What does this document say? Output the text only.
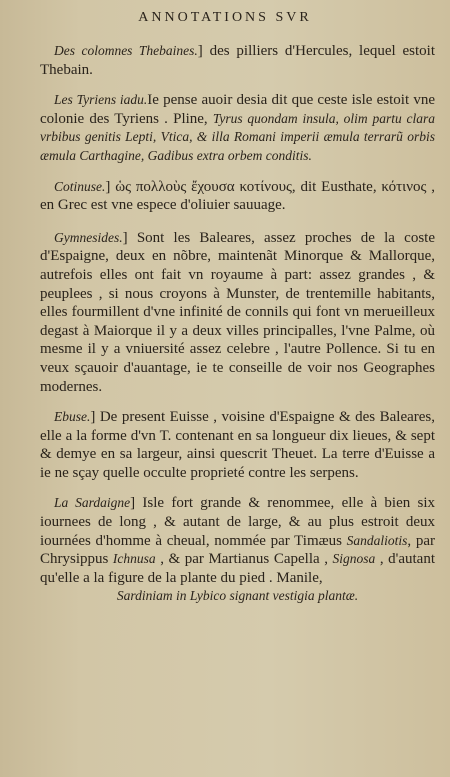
ANNOTATIONS SVR

Des colomnes Thebaines.] des pilliers d'Hercules, lequel estoit Thebain.

Les Tyriens iadu.Ie pense auoir desia dit que ceste isle estoit vne colonie des Tyriens . Pline, Tyrus quondam insula, olim partu clara vrbibus genitis Lepti, Vtica, & illa Romani imperii æmula terrarũ orbis æmula Carthagine, Gadibus extra orbem conditis.

Cotinuse.] ὡς πολλοὺς ἔχουσα κοτίνους, dit Eusthate, κότινος , en Grec est vne espece d'oliuier sauuage.

Gymnesides.] Sont les Baleares, assez proches de la coste d'Espaigne, deux en nõbre, maintenãt Minorque & Mallorque, autrefois elles ont fait vn royaume à part: assez grandes , & peuplees , si nous croyons à Munster, de trentemille habitants, elles fourmillent d'vne infinité de connils qui font vn merueilleux degast à Maiorque il y a deux villes principalles, l'vne Palme, où mesme il y a vniuersité assez celebre , l'autre Pollence. Si tu en veux sçauoir d'auantage, ie te conseille de voir nos Geographes modernes.

Ebuse.] De present Euisse , voisine d'Espaigne & des Baleares, elle a la forme d'vn T. contenant en sa longueur dix lieues, & sept & demye en sa largeur, ainsi quescrit Theuet. La terre d'Euisse a ie ne sçay quelle occulte proprieté contre les serpens.

La Sardaigne] Isle fort grande & renommee, elle à bien six iournees de long , & autant de large, & au plus estroit deux iournées d'homme à cheual, nommée par Timæus Sandaliotis, par Chrysippus Ichnusa , & par Martianus Capella , Signosa , d'autant qu'elle a la figure de la plante du pied . Manile,

Sardiniam in Lybico signant vestigia plantæ.
